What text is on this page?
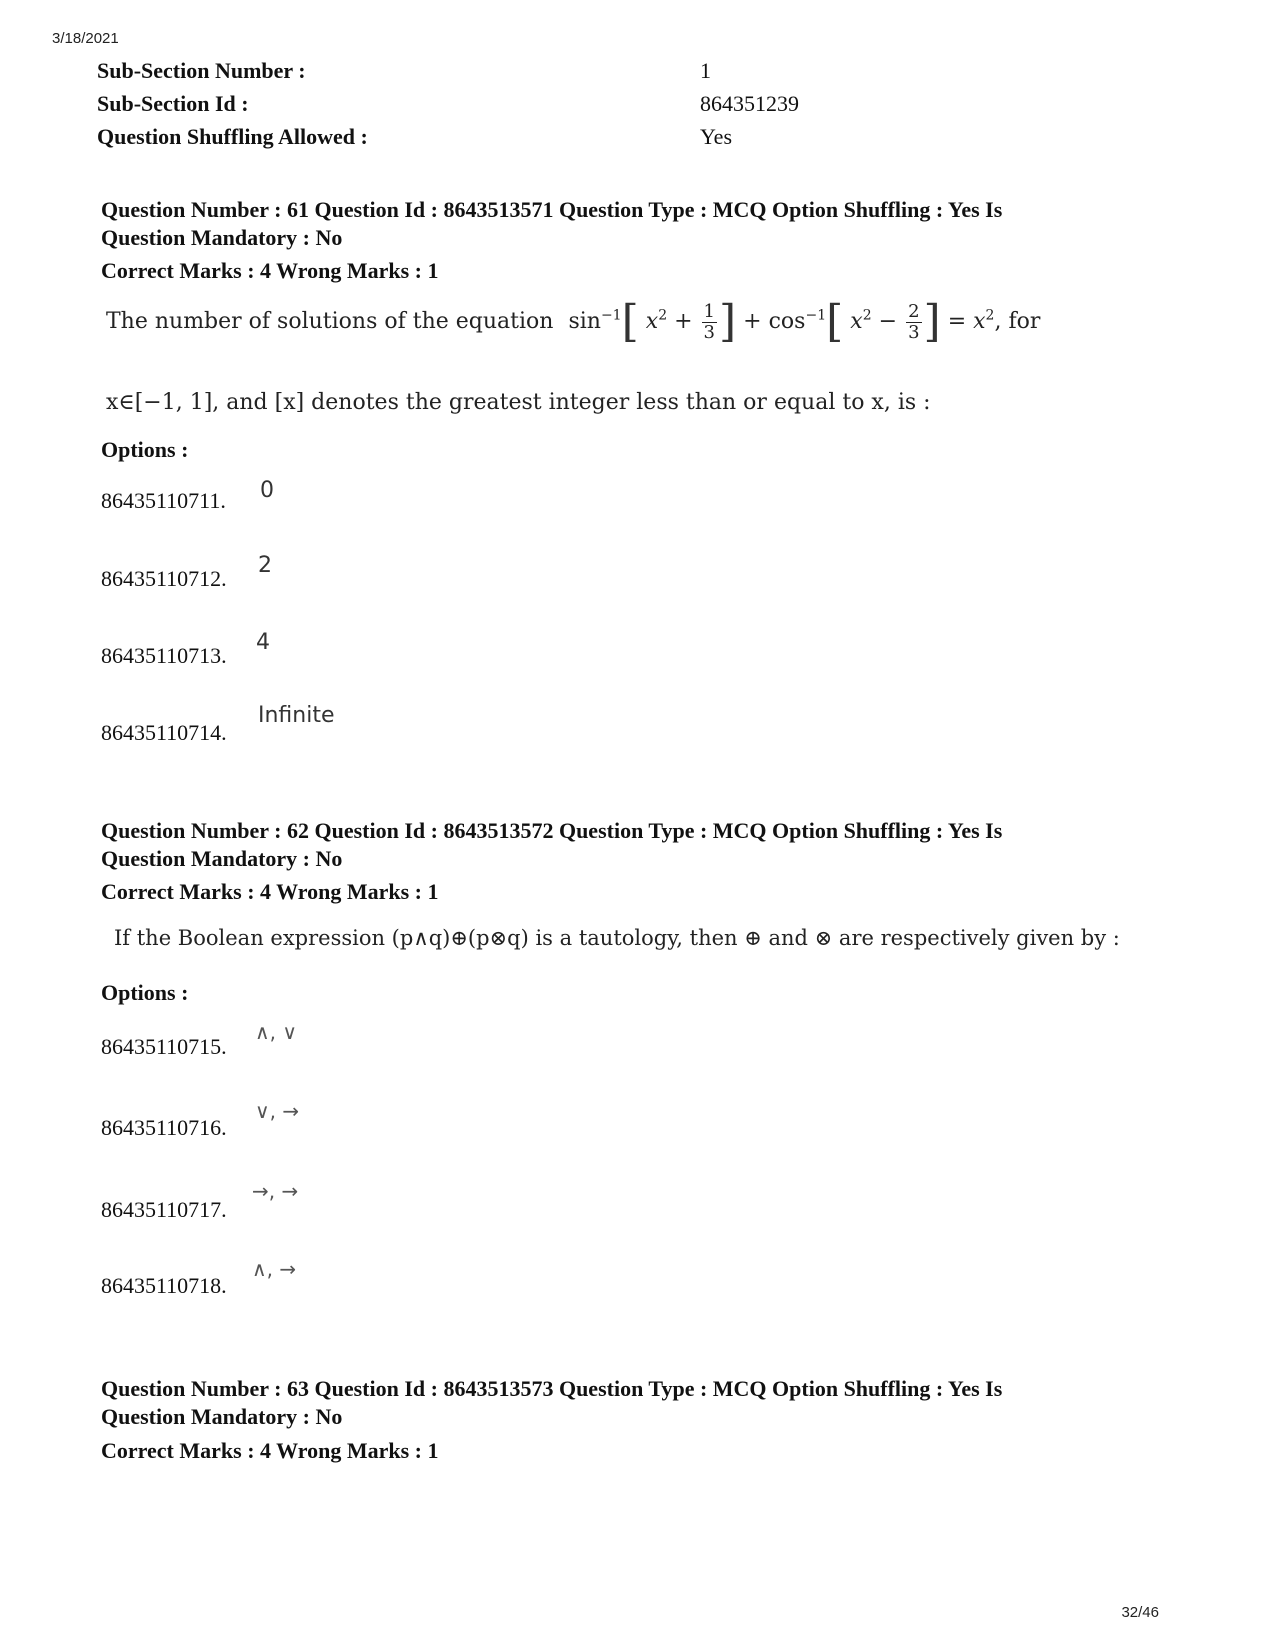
3/18/2021
32/46
Sub-Section Number :	1
Sub-Section Id :	864351239
Question Shuffling Allowed :	Yes
Question Number : 61 Question Id : 8643513571 Question Type : MCQ Option Shuffling : Yes Is
Question Mandatory : No
Correct Marks : 4 Wrong Marks : 1
The number of solutions of the equation $\sin^{-1}$[ $x^2 + \frac{1}{3}$ ] + $\cos^{-1}$[ $x^2 - \frac{2}{3}$ ] = $x^2$, for
x∈[−1, 1], and [x] denotes the greatest integer less than or equal to x, is :
Options :
86435110711. 0
86435110712.
2
86435110713.
4
86435110714.
Infinite
Question Number : 62 Question Id : 8643513572 Question Type : MCQ Option Shuffling : Yes Is
Question Mandatory : No
Correct Marks : 4 Wrong Marks : 1
If the Boolean expression (p∧q)⊕(p⊗q) is a tautology, then ⊕ and ⊗ are respectively given by :
Options :
86435110715.
∧, ∨
86435110716.
∨, →
86435110717.
→, →
86435110718.
∧, →
Question Number : 63 Question Id : 8643513573 Question Type : MCQ Option Shuffling : Yes Is
Question Mandatory : No
Correct Marks : 4 Wrong Marks : 1
